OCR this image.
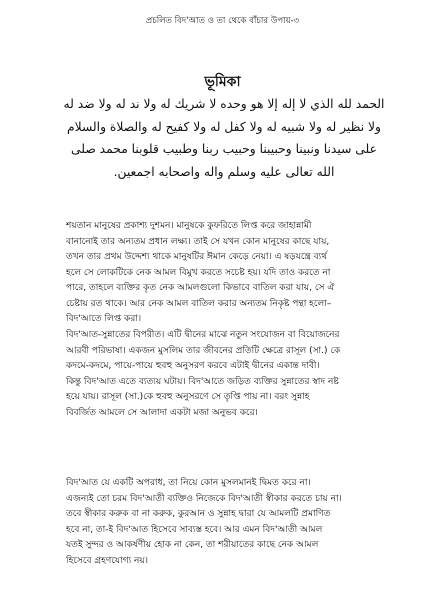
প্রচলিত বিদ'আত ও তা থেকে বাঁচার উপায়-৩
ভূমিকা

الحمد لله الذي لا إله إلا هو وحده لا شريك له ولا ند له ولا ضد له

ولا نظير له ولا شبيه له ولا كفل له ولا كفيح له والصلاة والسلام

على سيدنا ونبينا وحبيبنا وحبيب ربنا وطبيب قلوبنا محمد صلى

الله تعالى عليه وسلم واله واصحابه اجمعين.

শয়তান মানুষের প্রকাশ্য দুশমন। মানুষকে কুফরিতে লিপ্ত করে জাহান্নামী

বানানোই তার অন্যতম প্রধান লক্ষ্য। তাই সে যখন কোন মানুষের কাছে যায়,

তখন তার প্রথম উদ্দেশ্য থাকে মানুষটির ঈমান কেড়ে নেয়া। এ ষড়যন্ত্রে ব্যর্থ

হলে সে লোকটিকে নেক আমল বিমুখ করতে সচেষ্ট হয়। যদি তাও করতে না

পারে, তাহলে ব্যক্তির কৃত নেক আমলগুলো কিভাবে বাতিল করা যায়, সে ঐ

চেষ্টায় রত থাকে। আর নেক আমল বাতিল করার অন্যতম নিকৃষ্ট পন্থা হলো–

বিদ'আতে লিপ্ত করা।

বিদ'আত-সুন্নাতের বিপরীত। এটি দ্বীনের মাঝে নতুন সংযোজন বা বিয়োজনের

আরবী পরিভাষা। একজন মুসলিম তার জীবনের প্রতিটি ক্ষেত্রে রাসূল (সা.) কে

কদমে-কদমে, পায়ে-পায়ে হুবহু অনুসরণ করবে এটাই দ্বীনের একান্ত দাবী।

কিন্তু বিদ'আত এতে ব্যত্যয় ঘটায়। বিদ'আতে জড়িত ব্যক্তির সুন্নাতের স্বাদ নষ্ট

হয়ে যায়। রাসূল (সা.)কে হুবহু অনুসরণে সে তৃপ্তি পায় না। বরং সুন্নাহ

বিবর্জিত আমলে সে আলাদা একটা মজা অনুভব করে।

বিদ'আত যে একটি অপরাধ, তা নিয়ে কোন মুসলমানই দ্বিমত করে না।

এজন্যই তো চরম বিদ'আতী ব্যক্তিও নিজেকে বিদ'আতী স্বীকার করতে চায় না।

তবে স্বীকার করুক বা না করুক, কুরআন ও সুন্নাহ দ্বারা যে আমলটি প্রমাণিত

হবে না, তা-ই বিদ'আত হিসেবে সাব্যস্ত হবে। আর এমন বিদ'আতী আমল

যতই সুন্দর ও আকর্ষণীয় হোক না কেন, তা শরীয়াতের কাছে নেক আমল

হিসেবে গ্রহণযোগ্য নয়।
